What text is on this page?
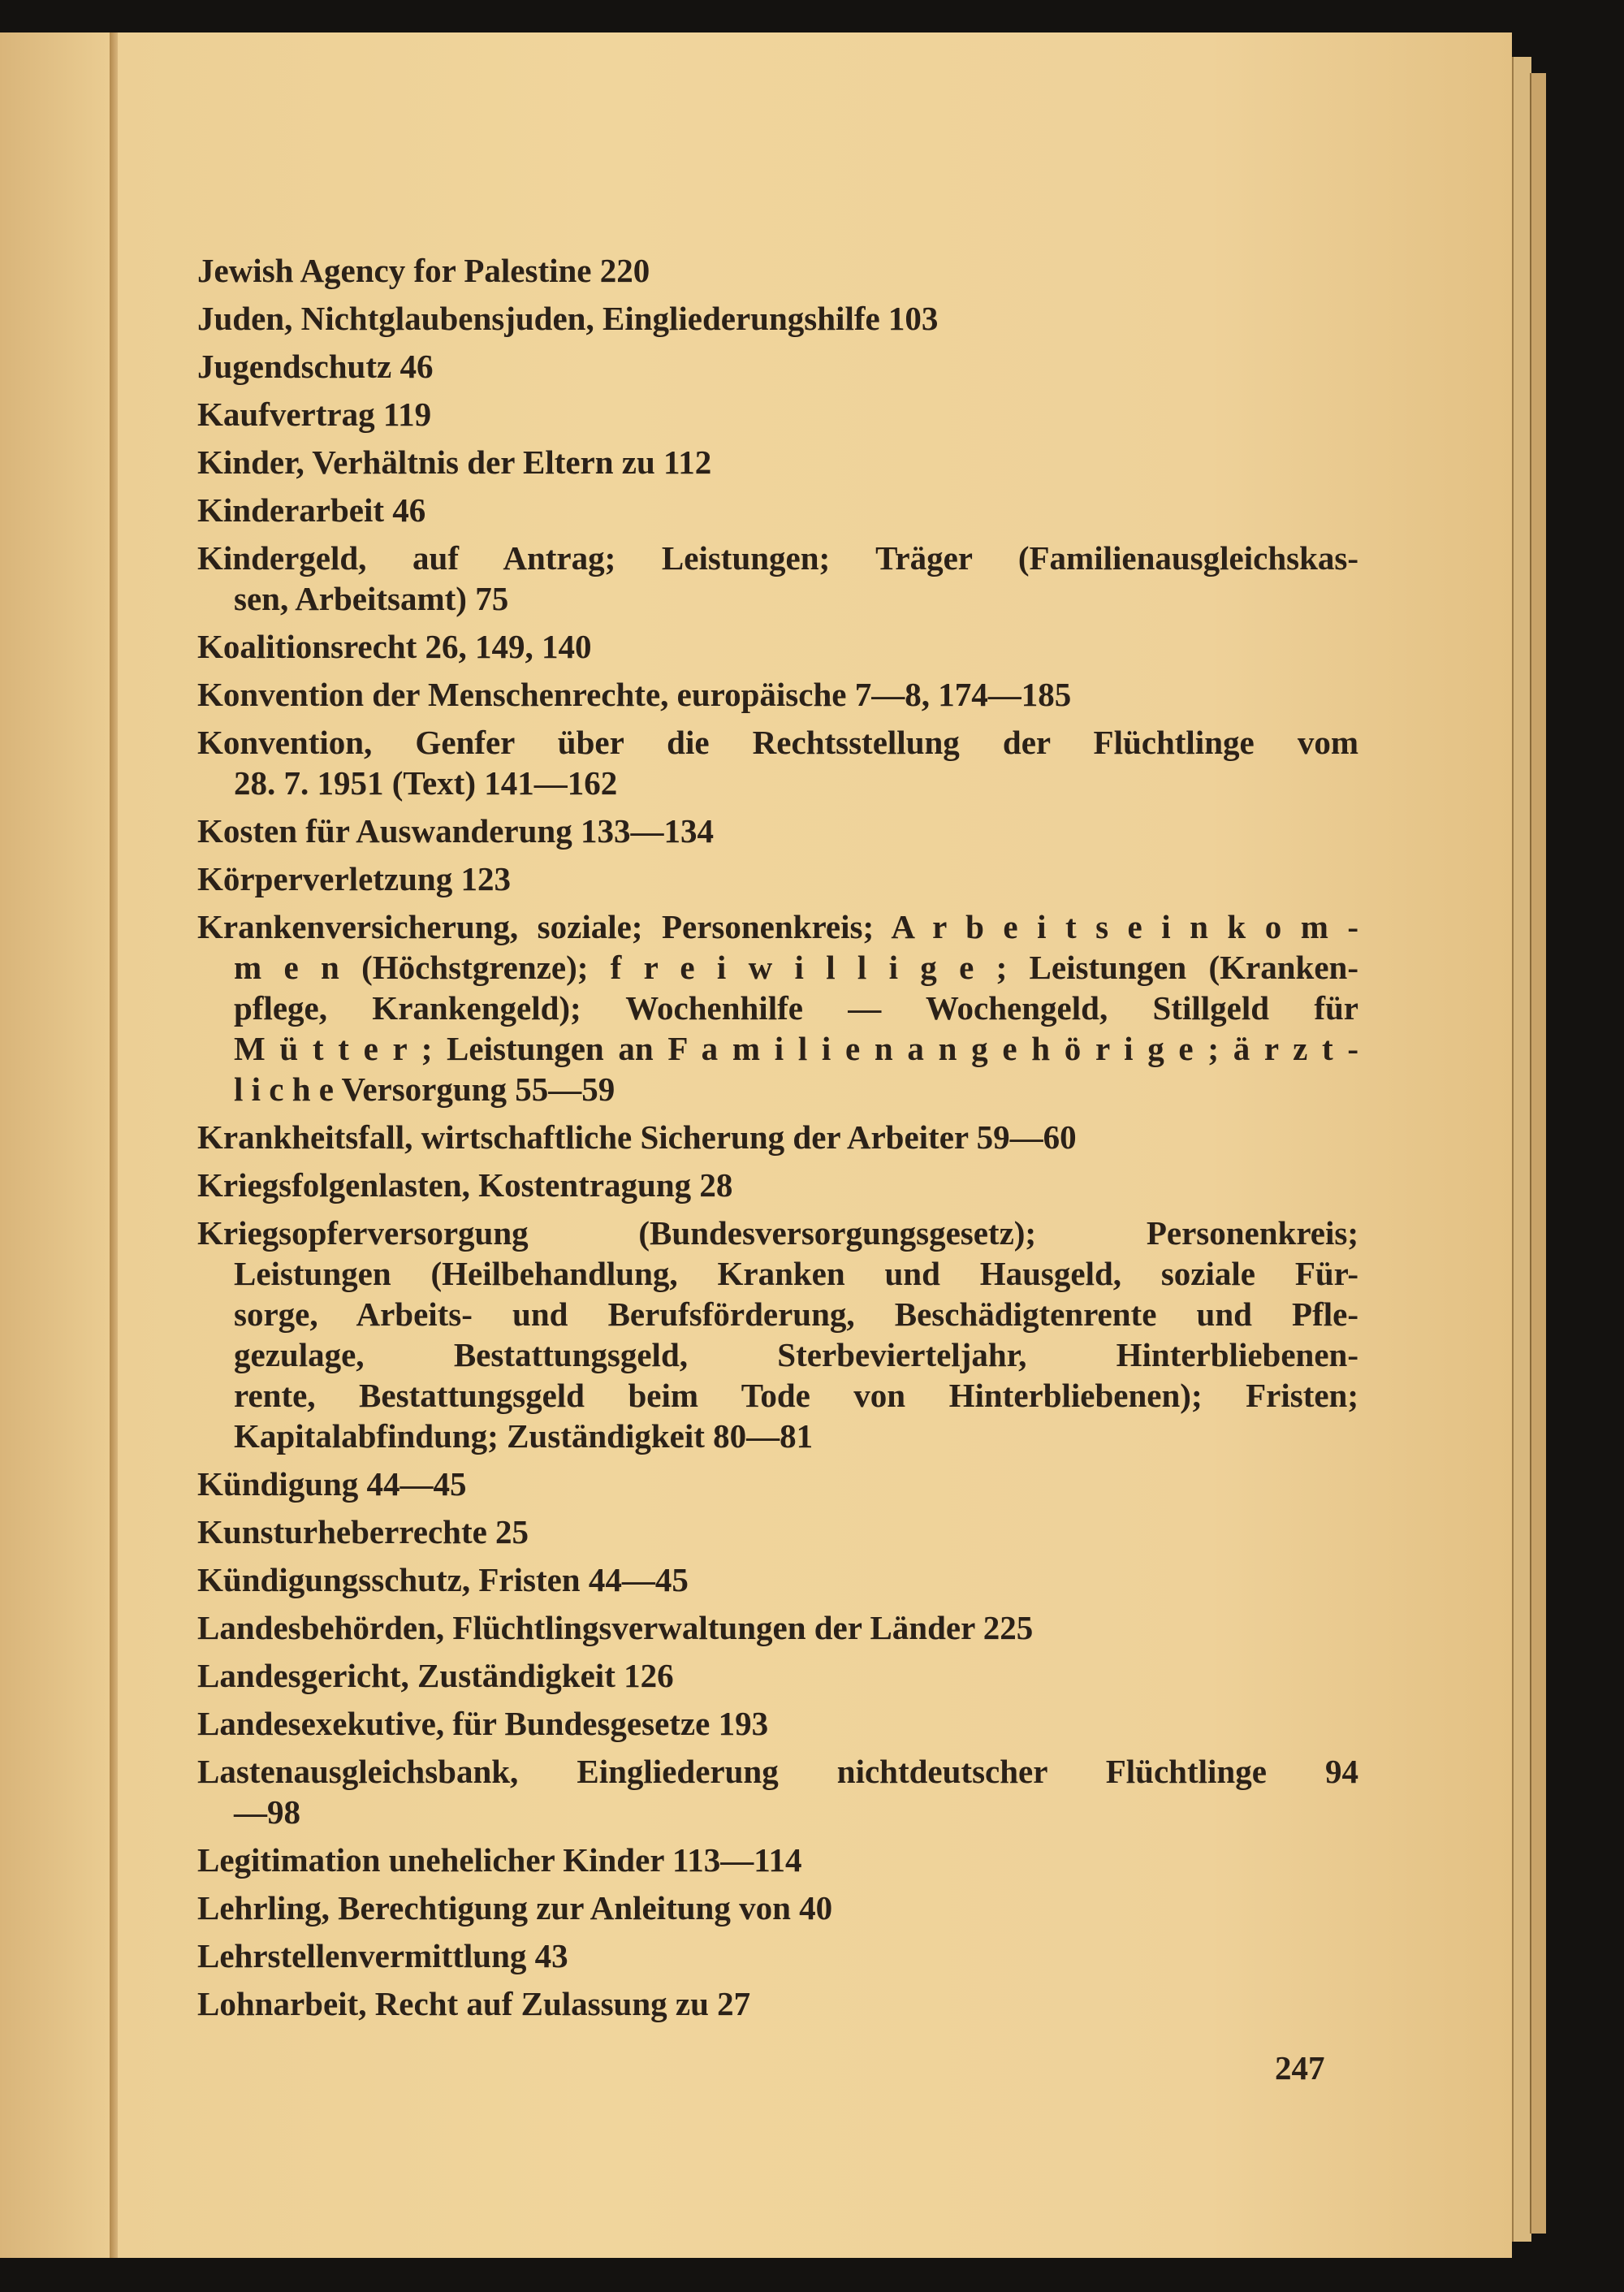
Jewish Agency for Palestine 220
Juden, Nichtglaubensjuden, Eingliederungshilfe 103
Jugendschutz 46
Kaufvertrag 119
Kinder, Verhältnis der Eltern zu 112
Kinderarbeit 46
Kindergeld, auf Antrag; Leistungen; Träger (Familienausgleichskas-
sen, Arbeitsamt) 75
Koalitionsrecht 26, 149, 140
Konvention der Menschenrechte, europäische 7—8, 174—185
Konvention, Genfer über die Rechtsstellung der Flüchtlinge vom
28. 7. 1951 (Text) 141—162
Kosten für Auswanderung 133—134
Körperverletzung 123
Krankenversicherung, soziale; Personenkreis; A r b e i t s e i n k o m -
m e n (Höchstgrenze); f r e i w i l l i g e ; Leistungen (Kranken-
pflege, Krankengeld); Wochenhilfe — Wochengeld, Stillgeld für
M ü t t e r ; Leistungen an F a m i l i e n a n g e h ö r i g e ; ä r z t -
l i c h e Versorgung 55—59
Krankheitsfall, wirtschaftliche Sicherung der Arbeiter 59—60
Kriegsfolgenlasten, Kostentragung 28
Kriegsopferversorgung (Bundesversorgungsgesetz); Personenkreis;
Leistungen (Heilbehandlung, Kranken und Hausgeld, soziale Für-
sorge, Arbeits- und Berufsförderung, Beschädigtenrente und Pfle-
gezulage, Bestattungsgeld, Sterbevierteljahr, Hinterbliebenen-
rente, Bestattungsgeld beim Tode von Hinterbliebenen); Fristen;
Kapitalabfindung; Zuständigkeit 80—81
Kündigung 44—45
Kunsturheberrechte 25
Kündigungsschutz, Fristen 44—45
Landesbehörden, Flüchtlingsverwaltungen der Länder 225
Landesgericht, Zuständigkeit 126
Landesexekutive, für Bundesgesetze 193
Lastenausgleichsbank, Eingliederung nichtdeutscher Flüchtlinge 94
—98
Legitimation unehelicher Kinder 113—114
Lehrling, Berechtigung zur Anleitung von 40
Lehrstellenvermittlung 43
Lohnarbeit, Recht auf Zulassung zu 27
247
